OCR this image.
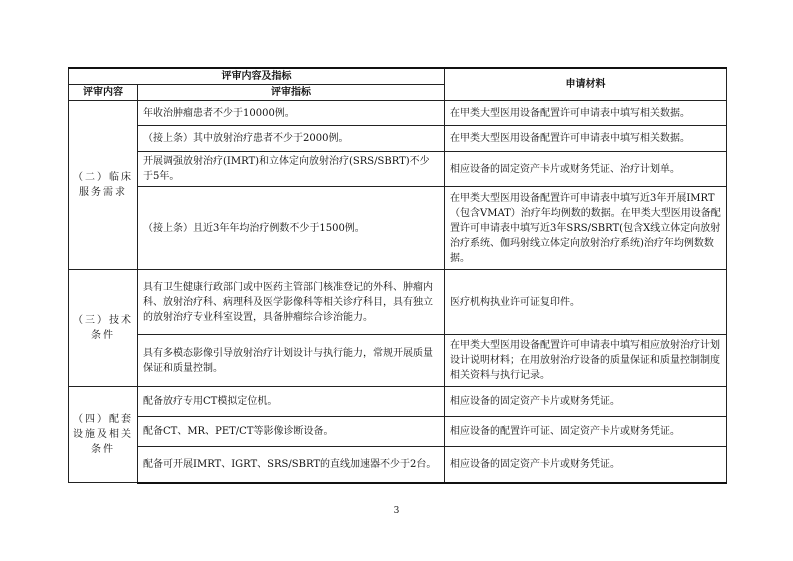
评审内容及指标		申请材料
评审内容	评审指标	
（二）临床服务需求	年收治肿瘤患者不少于10000例。	在甲类大型医用设备配置许可申请表中填写相关数据。
	（接上条）其中放射治疗患者不少于2000例。	在甲类大型医用设备配置许可申请表中填写相关数据。
	开展调强放射治疗(IMRT)和立体定向放射治疗(SRS/SBRT)不少于5年。	相应设备的固定资产卡片或财务凭证、治疗计划单。
	（接上条）且近3年年均治疗例数不少于1500例。	在甲类大型医用设备配置许可申请表中填写近3年开展IMRT（包含VMAT）治疗年均例数的数据。在甲类大型医用设备配置许可申请表中填写近3年SRS/SBRT(包含X线立体定向放射治疗系统、伽玛射线立体定向放射治疗系统)治疗年均例数数据。
（三）技术条件	具有卫生健康行政部门或中医药主管部门核准登记的外科、肿瘤内科、放射治疗科、病理科及医学影像科等相关诊疗科目，具有独立的放射治疗专业科室设置，具备肿瘤综合诊治能力。	医疗机构执业许可证复印件。
	具有多模态影像引导放射治疗计划设计与执行能力，常规开展质量保证和质量控制。	在甲类大型医用设备配置许可申请表中填写相应放射治疗计划设计说明材料；在用放射治疗设备的质量保证和质量控制制度相关资料与执行记录。
（四）配套设施及相关条件	配备放疗专用CT模拟定位机。	相应设备的固定资产卡片或财务凭证。
	配备CT、MR、PET/CT等影像诊断设备。	相应设备的配置许可证、固定资产卡片或财务凭证。
	配备可开展IMRT、IGRT、SRS/SBRT的直线加速器不少于2台。	相应设备的固定资产卡片或财务凭证。
3
